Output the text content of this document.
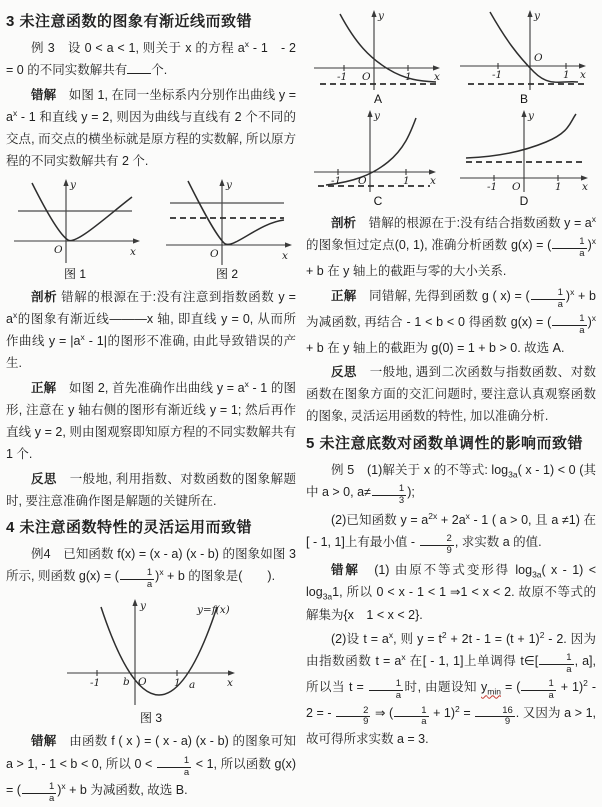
3 未注意函数的图象有渐近线而致错

例 3　设 0 < a < 1, 则关于 x 的方程 $a^x - 1$　- 2 = 0 的不同实数解共有 个.

错解　如图 1, 在同一坐标系内分别作出曲线 $y = a^x - 1$ 和直线 y = 2, 则因为曲线与直线有 2 个不同的交点, 而交点的横坐标就是原方程的实数解, 所以原方程的不同实数解共有 2 个.

O	x
y
图 1
O	x
y
图 2

剖析 错解的根源在于:没有注意到指数函数 $y = a^x$的图象有渐近线———x 轴, 即直线 y = 0, 从而所作曲线 $y = |a^x - 1|$的图形不准确, 由此导致错误的产生.

正解　如图 2, 首先准确作出曲线 $y = a^x - 1$ 的图形, 注意在 y 轴右侧的图形有渐近线 y = 1; 然后再作直线 y = 2, 则由图观察即知原方程的不同实数解共有 1 个.

反思　一般地, 利用指数、对数函数的图象解题时, 要注意准确作图是解题的关键所在.

4 未注意函数特性的灵活运用而致错

例4　已知函数 f(x) = (x - a) (x - b) 的图象如图 3 所示, 则函数 g(x) = ( $\frac{1}{a} )^x + b$ 的图象是(　　).

-1 b O	1 a	x
y	y=f(x)
图 3

错解　由函数 f ( x ) = ( x - a) (x - b) 的图象可知 a > 1, - 1 < b < 0, 所以 $0 < \frac{1}{a} < 1$, 所以函数 g(x) = ( $\frac{1}{a} )^x + b$ 为减函数, 故选 B.

-1 O	1 x
y
A
-1
O
1 x
y
B
-1 O	1 x
y
C
-1 O	1 x
y
D

剖析　错解的根源在于:没有结合指数函数 $y = a^x$ 的图象恒过定点(0, 1), 准确分析函数 g(x) = ( $\frac{1}{a} )^x + b$ 在 y 轴上的截距与零的大小关系.

正解　同错解, 先得到函数 g ( x) = ( $\frac{1}{a} )^x + b$ 为减函数, 再结合 - 1 < b < 0 得函数 g(x) = ( $\frac{1}{a} )^x + b$ 在 y 轴上的截距为 g(0) = 1 + b > 0. 故选 A.

反思　一般地, 遇到二次函数与指数函数、对数函数在图象方面的交汇问题时, 要注意认真观察函数的图象, 灵活运用函数的特性, 加以准确分析.

5 未注意底数对函数单调性的影响而致错

例 5　(1)解关于 x 的不等式: $\log_{3a}$( x - 1) < 0 (其中 a > 0, $a\ne \frac{1}{3}$ );

(2)已知函数 $y = a^{2x} + 2a^x - 1$ ( a > 0, 且 a ≠1) 在[ - 1, 1]上有最小值 - $\frac{2}{9}$ , 求实数 a 的值.

错解　(1) 由原不等式变形得 $\log_{3a}$( $x - 1) < \log_{3a}1$, 所以 0 < x - 1 < 1 ⇒1 < x < 2. 故原不等式的解集为{x　1 < x < 2}.

(2)设 $t = a^x$, 则 $y = t^2 + 2t - 1 = (t + 1)^2 - 2$. 因为由指数函数 $t = a^x$ 在[ - 1, 1]上单调得 t∈[ $\frac{1}{a}$ , a], 所以当 $t = \frac{1}{a}$ 时, 由题设知 $y_{min}$ = ( $\frac{1}{a} + 1)^2 - 2$ = - $\frac{2}{9}$ ⇒ ( $\frac{1}{a} + 1)^2 = \frac{16}{9}$ . 又因为 a > 1, 故可得所求实数 a = 3.
